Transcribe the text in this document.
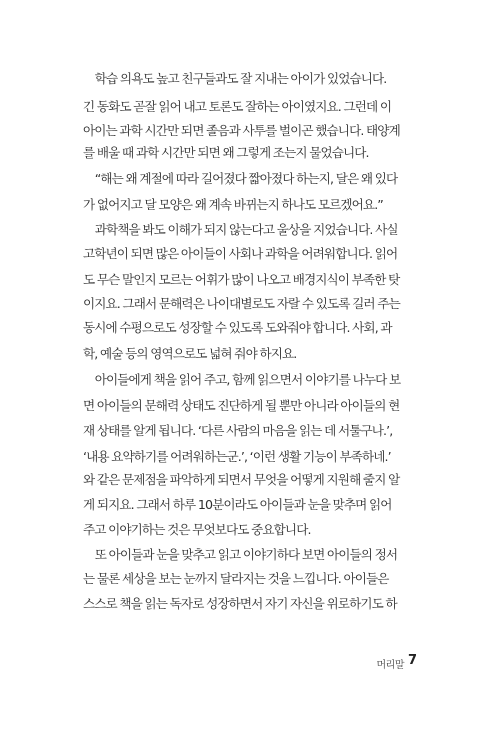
　학습 의욕도 높고 친구들과도 잘 지내는 아이가 있었습니다.
긴 동화도 곧잘 읽어 내고 토론도 잘하는 아이였지요. 그런데 이
아이는 과학 시간만 되면 졸음과 사투를 벌이곤 했습니다. 태양계
를 배울 때 과학 시간만 되면 왜 그렇게 조는지 물었습니다.
　“해는 왜 계절에 따라 길어졌다 짧아졌다 하는지, 달은 왜 있다
가 없어지고 달 모양은 왜 계속 바뀌는지 하나도 모르겠어요.”
　과학책을 봐도 이해가 되지 않는다고 울상을 지었습니다. 사실
고학년이 되면 많은 아이들이 사회나 과학을 어려워합니다. 읽어
도 무슨 말인지 모르는 어휘가 많이 나오고 배경지식이 부족한 탓
이지요. 그래서 문해력은 나이대별로도 자랄 수 있도록 길러 주는
동시에 수평으로도 성장할 수 있도록 도와줘야 합니다. 사회, 과
학, 예술 등의 영역으로도 넓혀 줘야 하지요.
　아이들에게 책을 읽어 주고, 함께 읽으면서 이야기를 나누다 보
면 아이들의 문해력 상태도 진단하게 될 뿐만 아니라 아이들의 현
재 상태를 알게 됩니다. ‘다른 사람의 마음을 읽는 데 서툴구나.’,
‘내용 요약하기를 어려워하는군.’, ‘이런 생활 기능이 부족하네.’
와 같은 문제점을 파악하게 되면서 무엇을 어떻게 지원해 줄지 알
게 되지요. 그래서 하루 10분이라도 아이들과 눈을 맞추며 읽어
주고 이야기하는 것은 무엇보다도 중요합니다.
　또 아이들과 눈을 맞추고 읽고 이야기하다 보면 아이들의 정서
는 물론 세상을 보는 눈까지 달라지는 것을 느낍니다. 아이들은
스스로 책을 읽는 독자로 성장하면서 자기 자신을 위로하기도 하
머리말 7
